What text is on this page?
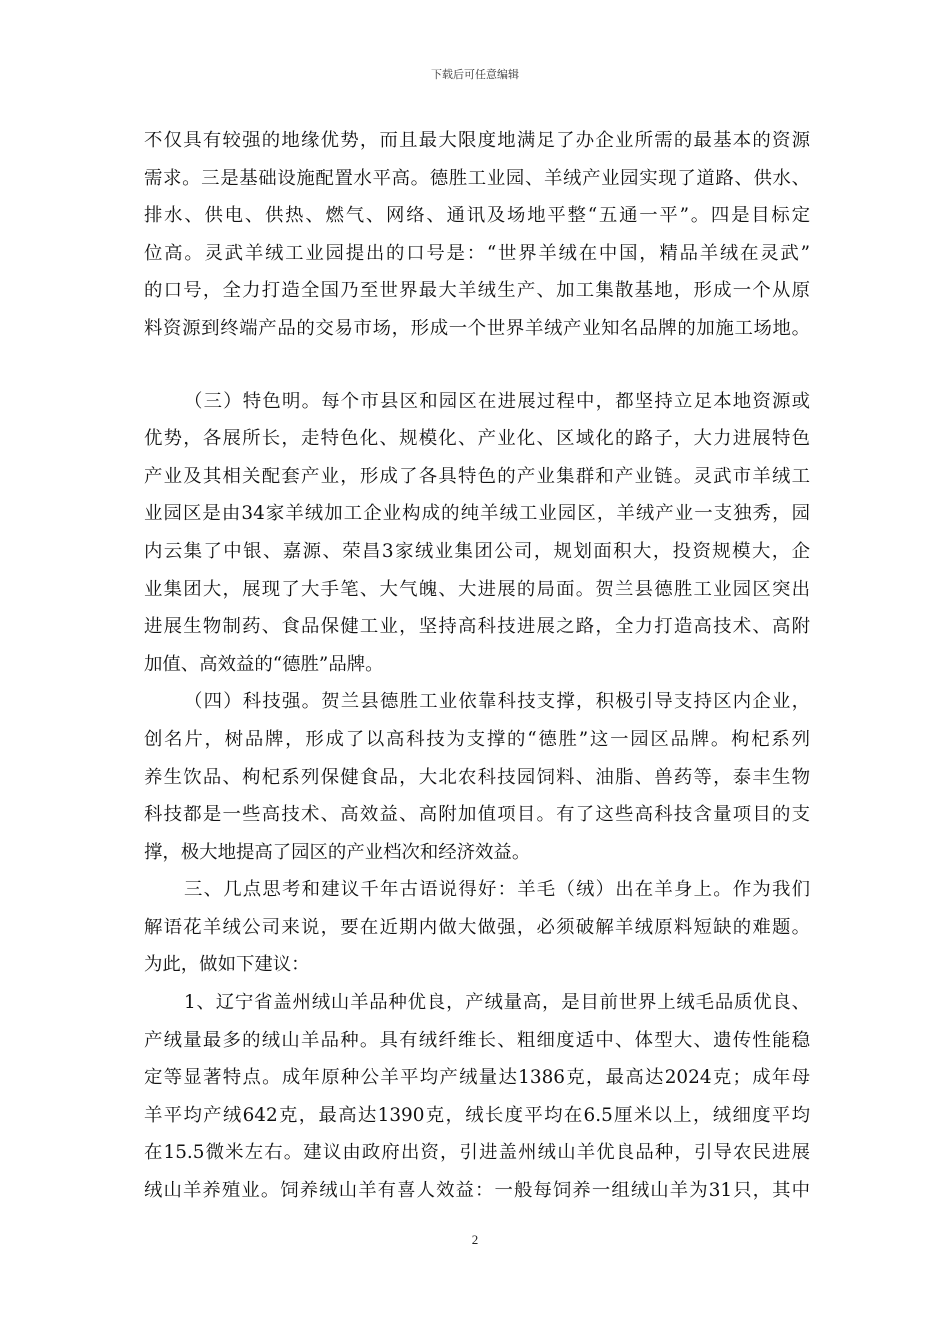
下载后可任意编辑
不仅具有较强的地缘优势，而且最大限度地满足了办企业所需的最基本的资源
需求。三是基础设施配置水平高。德胜工业园、羊绒产业园实现了道路、供水、
排水、供电、供热、燃气、网络、通讯及场地平整“五通一平”。四是目标定
位高。灵武羊绒工业园提出的口号是：“世界羊绒在中国，精品羊绒在灵武”
的口号，全力打造全国乃至世界最大羊绒生产、加工集散基地，形成一个从原
料资源到终端产品的交易市场，形成一个世界羊绒产业知名品牌的加施工场地。
（三）特色明。每个市县区和园区在进展过程中，都坚持立足本地资源或
优势，各展所长，走特色化、规模化、产业化、区域化的路子，大力进展特色
产业及其相关配套产业，形成了各具特色的产业集群和产业链。灵武市羊绒工
业园区是由34家羊绒加工企业构成的纯羊绒工业园区，羊绒产业一支独秀，园
内云集了中银、嘉源、荣昌3家绒业集团公司，规划面积大，投资规模大，企
业集团大，展现了大手笔、大气魄、大进展的局面。贺兰县德胜工业园区突出
进展生物制药、食品保健工业，坚持高科技进展之路，全力打造高技术、高附
加值、高效益的“德胜”品牌。
（四）科技强。贺兰县德胜工业依靠科技支撑，积极引导支持区内企业，
创名片，树品牌，形成了以高科技为支撑的“德胜”这一园区品牌。枸杞系列
养生饮品、枸杞系列保健食品，大北农科技园饲料、油脂、兽药等，泰丰生物
科技都是一些高技术、高效益、高附加值项目。有了这些高科技含量项目的支
撑，极大地提高了园区的产业档次和经济效益。
三、几点思考和建议千年古语说得好：羊毛（绒）出在羊身上。作为我们
解语花羊绒公司来说，要在近期内做大做强，必须破解羊绒原料短缺的难题。
为此，做如下建议：
1、辽宁省盖州绒山羊品种优良，产绒量高，是目前世界上绒毛品质优良、
产绒量最多的绒山羊品种。具有绒纤维长、粗细度适中、体型大、遗传性能稳
定等显著特点。成年原种公羊平均产绒量达1386克，最高达2024克；成年母
羊平均产绒642克，最高达1390克，绒长度平均在6.5厘米以上，绒细度平均
在15.5微米左右。建议由政府出资，引进盖州绒山羊优良品种，引导农民进展
绒山羊养殖业。饲养绒山羊有喜人效益：一般每饲养一组绒山羊为31只，其中
2
